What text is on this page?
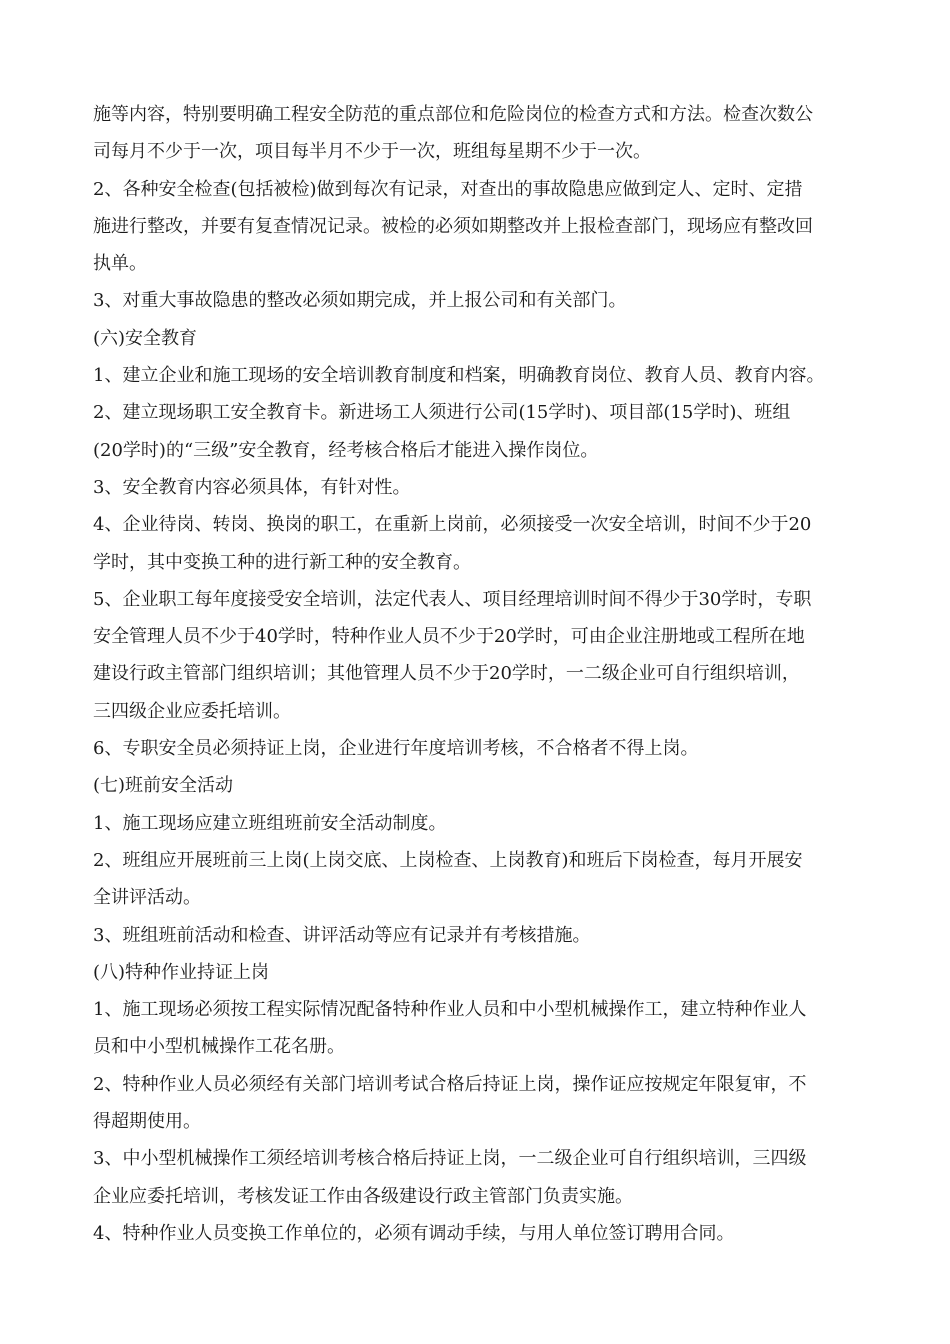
施等内容，特别要明确工程安全防范的重点部位和危险岗位的检查方式和方法。检查次数公
司每月不少于一次，项目每半月不少于一次，班组每星期不少于一次。
2、各种安全检查(包括被检)做到每次有记录，对查出的事故隐患应做到定人、定时、定措
施进行整改，并要有复查情况记录。被检的必须如期整改并上报检查部门，现场应有整改回
执单。
3、对重大事故隐患的整改必须如期完成，并上报公司和有关部门。
(六)安全教育
1、建立企业和施工现场的安全培训教育制度和档案，明确教育岗位、教育人员、教育内容。
2、建立现场职工安全教育卡。新进场工人须进行公司(15学时)、项目部(15学时)、班组
(20学时)的“三级”安全教育，经考核合格后才能进入操作岗位。
3、安全教育内容必须具体，有针对性。
4、企业待岗、转岗、换岗的职工，在重新上岗前，必须接受一次安全培训，时间不少于20
学时，其中变换工种的进行新工种的安全教育。
5、企业职工每年度接受安全培训，法定代表人、项目经理培训时间不得少于30学时，专职
安全管理人员不少于40学时，特种作业人员不少于20学时，可由企业注册地或工程所在地
建设行政主管部门组织培训；其他管理人员不少于20学时，一二级企业可自行组织培训，
三四级企业应委托培训。
6、专职安全员必须持证上岗，企业进行年度培训考核，不合格者不得上岗。
(七)班前安全活动
1、施工现场应建立班组班前安全活动制度。
2、班组应开展班前三上岗(上岗交底、上岗检查、上岗教育)和班后下岗检查，每月开展安
全讲评活动。
3、班组班前活动和检查、讲评活动等应有记录并有考核措施。
(八)特种作业持证上岗
1、施工现场必须按工程实际情况配备特种作业人员和中小型机械操作工，建立特种作业人
员和中小型机械操作工花名册。
2、特种作业人员必须经有关部门培训考试合格后持证上岗，操作证应按规定年限复审，不
得超期使用。
3、中小型机械操作工须经培训考核合格后持证上岗，一二级企业可自行组织培训，三四级
企业应委托培训，考核发证工作由各级建设行政主管部门负责实施。
4、特种作业人员变换工作单位的，必须有调动手续，与用人单位签订聘用合同。
